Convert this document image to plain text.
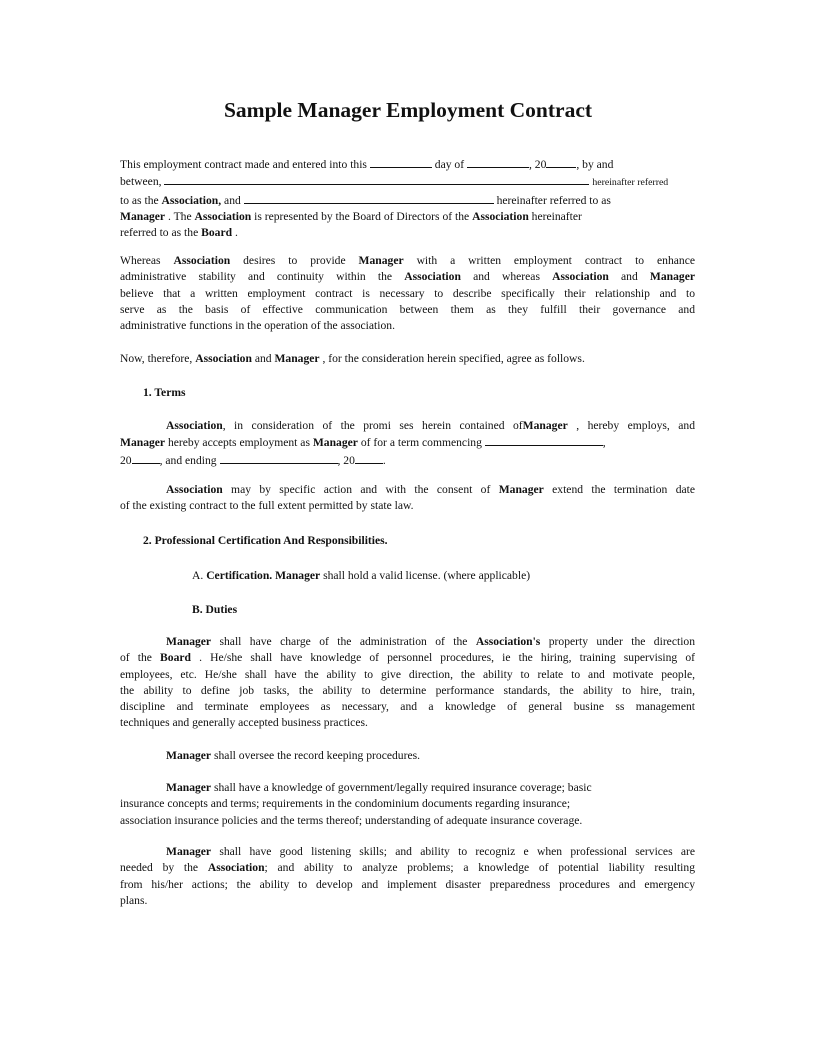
Sample Manager Employment Contract
This employment contract made and entered into this	day of	, 20	, by and
between,	hereinafter referred
to as the Association, and	hereinafter referred to as
Manager . The Association is represented by the Board of Directors of the Association hereinafter
referred to as the Board .
Whereas Association desires to provide Manager with a written employment contract to enhance
administrative stability and continuity within the Association and whereas Association and Manager
believe that a written employment contract is necessary to describe specifically their relationship and to
serve as the basis of effective communication between them as they fulfill their governance and
administrative functions in the operation of the association.
Now, therefore, Association and Manager , for the consideration herein specified, agree as follows.
1. Terms
Association, in consideration of the promi ses herein contained ofManager , hereby employs, and
Manager hereby accepts employment as Manager of for a term commencing	,
20 , and ending	, 20 .
Association may by specific action and with the consent of Manager extend the termination date
of the existing contract to the full extent permitted by state law.
2. Professional Certification And Responsibilities.
A. Certification. Manager shall hold a valid license. (where applicable)
B. Duties
Manager shall have charge of the administration of the Association's property under the direction
of the Board . He/she shall have knowledge of personnel procedures, ie the hiring, training supervising of
employees, etc. He/she shall have the ability to give direction, the ability to relate to and motivate people,
the ability to define job tasks, the ability to determine performance standards, the ability to hire, train,
discipline and terminate employees as necessary, and a knowledge of general busine ss management
techniques and generally accepted business practices.
Manager shall oversee the record keeping procedures.
Manager shall have a knowledge of government/legally required insurance coverage; basic
insurance concepts and terms; requirements in the condominium documents regarding insurance;
association insurance policies and the terms thereof; understanding of adequate insurance coverage.
Manager shall have good listening skills; and ability to recogniz e when professional services are
needed by the Association; and ability to analyze problems; a knowledge of potential liability resulting
from his/her actions; the ability to develop and implement disaster preparedness procedures and emergency
plans.
